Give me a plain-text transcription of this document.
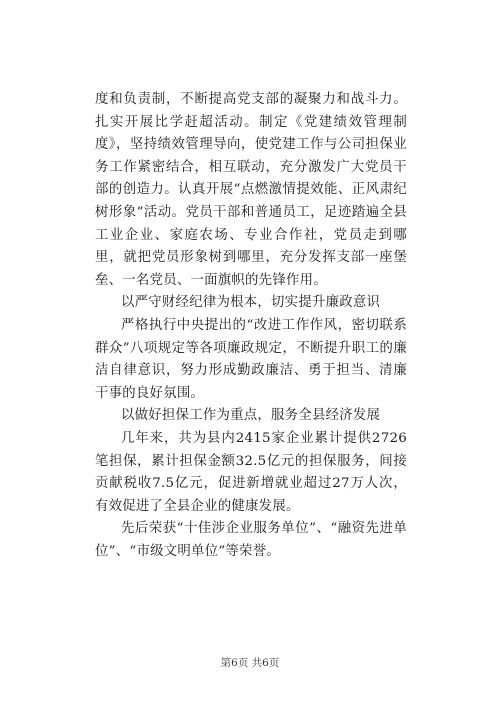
度和负责制，不断提高党支部的凝聚力和战斗力。扎实开展比学赶超活动。制定《党建绩效管理制度》，坚持绩效管理导向，使党建工作与公司担保业务工作紧密结合，相互联动，充分激发广大党员干部的创造力。认真开展“点燃激情提效能、正风肃纪树形象”活动。党员干部和普通员工，足迹踏遍全县工业企业、家庭农场、专业合作社，党员走到哪里，就把党员形象树到哪里，充分发挥支部一座堡垒、一名党员、一面旗帜的先锋作用。

以严守财经纪律为根本，切实提升廉政意识

严格执行中央提出的“改进工作作风，密切联系群众”八项规定等各项廉政规定，不断提升职工的廉洁自律意识，努力形成勤政廉洁、勇于担当、清廉干事的良好氛围。

以做好担保工作为重点，服务全县经济发展

几年来，共为县内2415家企业累计提供2726笔担保，累计担保金额32.5亿元的担保服务，间接贡献税收7.5亿元，促进新增就业超过27万人次，有效促进了全县企业的健康发展。

先后荣获“十佳涉企业服务单位”、“融资先进单位”、“市级文明单位”等荣誉。

第6页 共6页
